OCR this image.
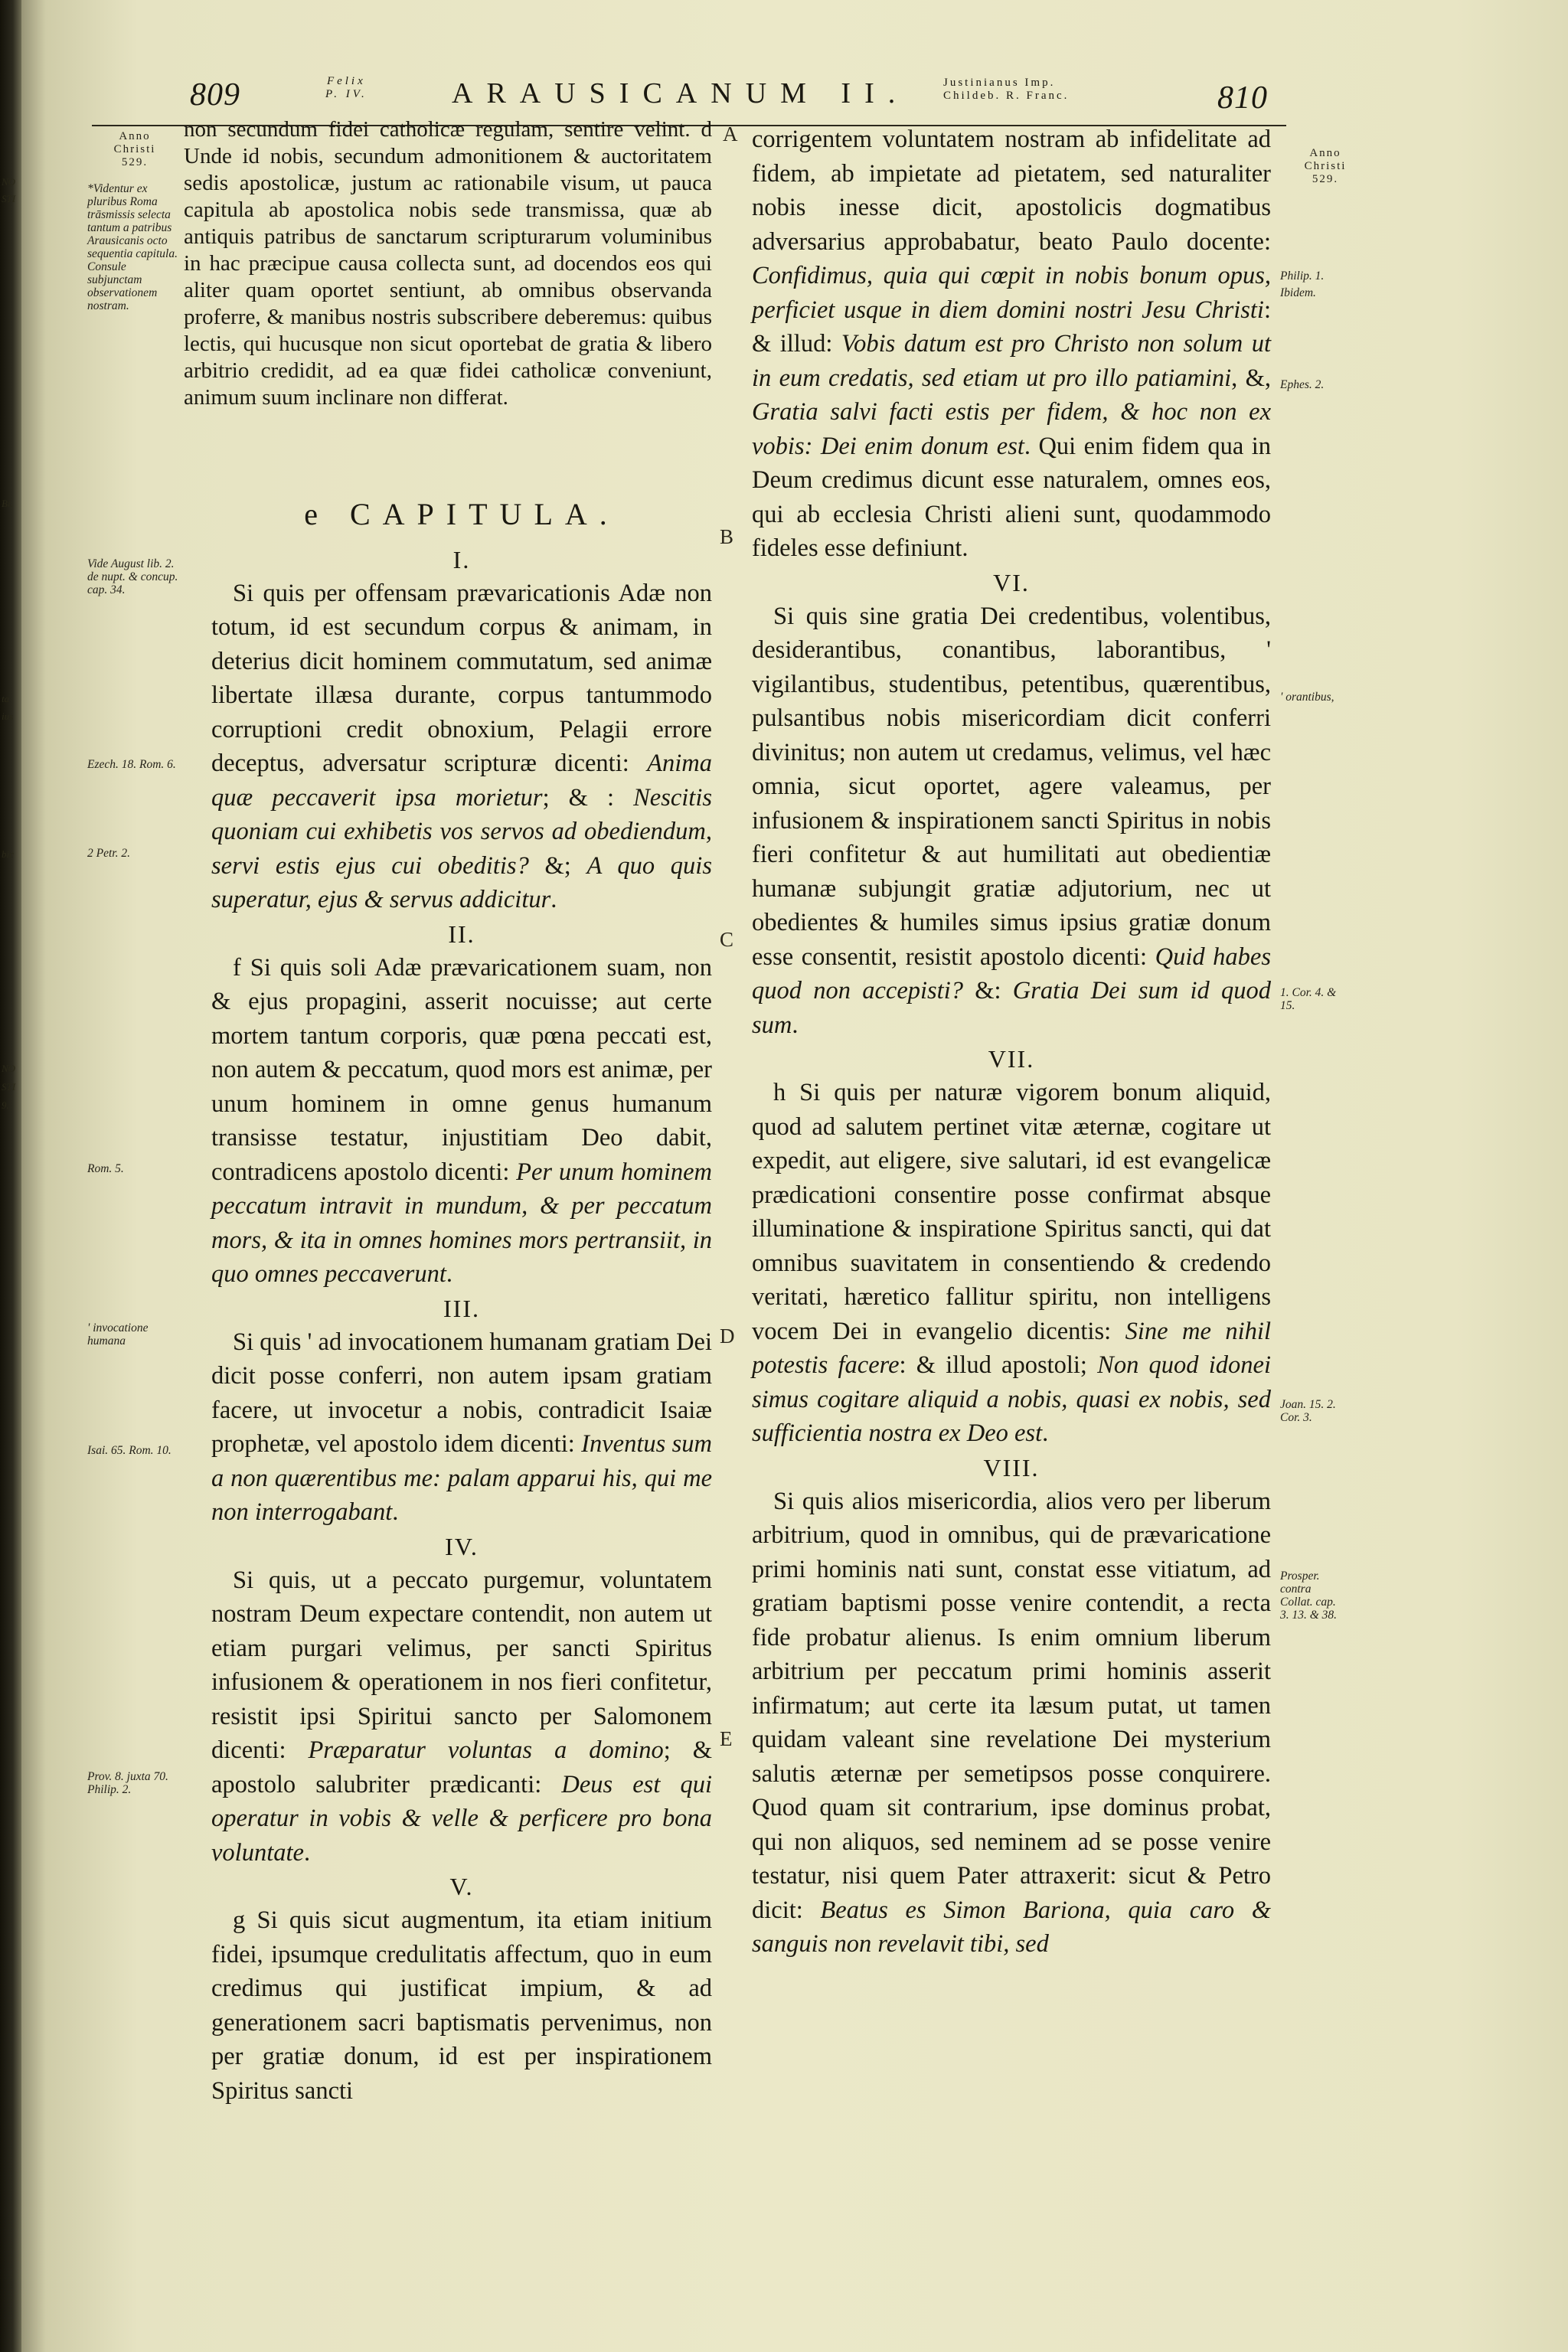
NO
STI
Bi.
ta
ius
bic
NO
STI
9.
809	Felix
P. IV.	ARAUSICANUM II.	Justinianus Imp.
Childeb. R. Franc.	810
Anno
Christi
529.
*Videntur ex pluribus Roma trāsmissis selecta tantum a patribus Arausicanis octo sequentia capitula. Consule subjunctam observationem nostram.
Vide August lib. 2. de nupt. & concup. cap. 34.
Ezech. 18. Rom. 6.
2 Petr. 2.
Rom. 5.
' invocatione humana
Isai. 65. Rom. 10.
Prov. 8. juxta 70. Philip. 2.
A
B
C
D
E

non secundum fidei catholicæ regulam, sentire velint. d Unde id nobis, secundum admonitionem & auctoritatem sedis apostolicæ, justum ac rationabile visum, ut pauca capitula ab apostolica nobis sede transmissa, quæ ab antiquis patribus de sanctarum scripturarum voluminibus in hac præcipue causa collecta sunt, ad docendos eos qui aliter quam oportet sentiunt, ab omnibus observanda proferre, & manibus nostris subscribere deberemus: quibus lectis, qui hucusque non sicut oportebat de gratia & libero arbitrio credidit, ad ea quæ fidei catholicæ conveniunt, animum suum inclinare non differat.

e CAPITULA.
I.

Si quis per offensam prævaricationis Adæ non totum, id est secundum corpus & animam, in deterius dicit hominem commutatum, sed animæ libertate illæsa durante, corpus tantummodo corruptioni credit obnoxium, Pelagii errore deceptus, adversatur scripturæ dicenti: Anima quæ peccaverit ipsa morietur; & : Nescitis quoniam cui exhibetis vos servos ad obediendum, servi estis ejus cui obeditis? &; A quo quis superatur, ejus & servus addicitur.

II.

f Si quis soli Adæ prævaricationem suam, non & ejus propagini, asserit nocuisse; aut certe mortem tantum corporis, quæ pœna peccati est, non autem & peccatum, quod mors est animæ, per unum hominem in omne genus humanum transisse testatur, injustitiam Deo dabit, contradicens apostolo dicenti: Per unum hominem peccatum intravit in mundum, & per peccatum mors, & ita in omnes homines mors pertransiit, in quo omnes peccaverunt.

III.

Si quis ' ad invocationem humanam gratiam Dei dicit posse conferri, non autem ipsam gratiam facere, ut invocetur a nobis, contradicit Isaiæ prophetæ, vel apostolo idem dicenti: Inventus sum a non quærentibus me: palam apparui his, qui me non interrogabant.

IV.

Si quis, ut a peccato purgemur, voluntatem nostram Deum expectare contendit, non autem ut etiam purgari velimus, per sancti Spiritus infusionem & operationem in nos fieri confitetur, resistit ipsi Spiritui sancto per Salomonem dicenti: Præparatur voluntas a domino; & apostolo salubriter prædicanti: Deus est qui operatur in vobis & velle & perficere pro bona voluntate.

V.

g Si quis sicut augmentum, ita etiam initium fidei, ipsumque credulitatis affectum, quo in eum credimus qui justificat impium, & ad generationem sacri baptismatis pervenimus, non per gratiæ donum, id est per inspirationem Spiritus sancti

corrigentem voluntatem nostram ab infidelitate ad fidem, ab impietate ad pietatem, sed naturaliter nobis inesse dicit, apostolicis dogmatibus adversarius approbabatur, beato Paulo docente: Confidimus, quia qui cœpit in nobis bonum opus, perficiet usque in diem domini nostri Jesu Christi: & illud: Vobis datum est pro Christo non solum ut in eum credatis, sed etiam ut pro illo patiamini, &, Gratia salvi facti estis per fidem, & hoc non ex vobis: Dei enim donum est. Qui enim fidem qua in Deum credimus dicunt esse naturalem, omnes eos, qui ab ecclesia Christi alieni sunt, quodammodo fideles esse definiunt.

VI.

Si quis sine gratia Dei credentibus, volentibus, desiderantibus, conantibus, laborantibus, ' vigilantibus, studentibus, petentibus, quærentibus, pulsantibus nobis misericordiam dicit conferri divinitus; non autem ut credamus, velimus, vel hæc omnia, sicut oportet, agere valeamus, per infusionem & inspirationem sancti Spiritus in nobis fieri confitetur & aut humilitati aut obedientiæ humanæ subjungit gratiæ adjutorium, nec ut obedientes & humiles simus ipsius gratiæ donum esse consentit, resistit apostolo dicenti: Quid habes quod non accepisti? &: Gratia Dei sum id quod sum.

VII.

h Si quis per naturæ vigorem bonum aliquid, quod ad salutem pertinet vitæ æternæ, cogitare ut expedit, aut eligere, sive salutari, id est evangelicæ prædicationi consentire posse confirmat absque illuminatione & inspiratione Spiritus sancti, qui dat omnibus suavitatem in consentiendo & credendo veritati, hæretico fallitur spiritu, non intelligens vocem Dei in evangelio dicentis: Sine me nihil potestis facere: & illud apostoli; Non quod idonei simus cogitare aliquid a nobis, quasi ex nobis, sed sufficientia nostra ex Deo est.

VIII.

Si quis alios misericordia, alios vero per liberum arbitrium, quod in omnibus, qui de prævaricatione primi hominis nati sunt, constat esse vitiatum, ad gratiam baptismi posse venire contendit, a recta fide probatur alienus. Is enim omnium liberum arbitrium per peccatum primi hominis asserit infirmatum; aut certe ita læsum putat, ut tamen quidam valeant sine revelatione Dei mysterium salutis æternæ per semetipsos posse conquirere. Quod quam sit contrarium, ipse dominus probat, qui non aliquos, sed neminem ad se posse venire testatur, nisi quem Pater attraxerit: sicut & Petro dicit: Beatus es Simon Bariona, quia caro & sanguis non revelavit tibi, sed

Anno
Christi
529.
Philip. 1.
Ibidem.
Ephes. 2.
' orantibus,
1. Cor. 4. & 15.
Joan. 15. 2. Cor. 3.
Prosper. contra Collat. cap. 3. 13. & 38.
